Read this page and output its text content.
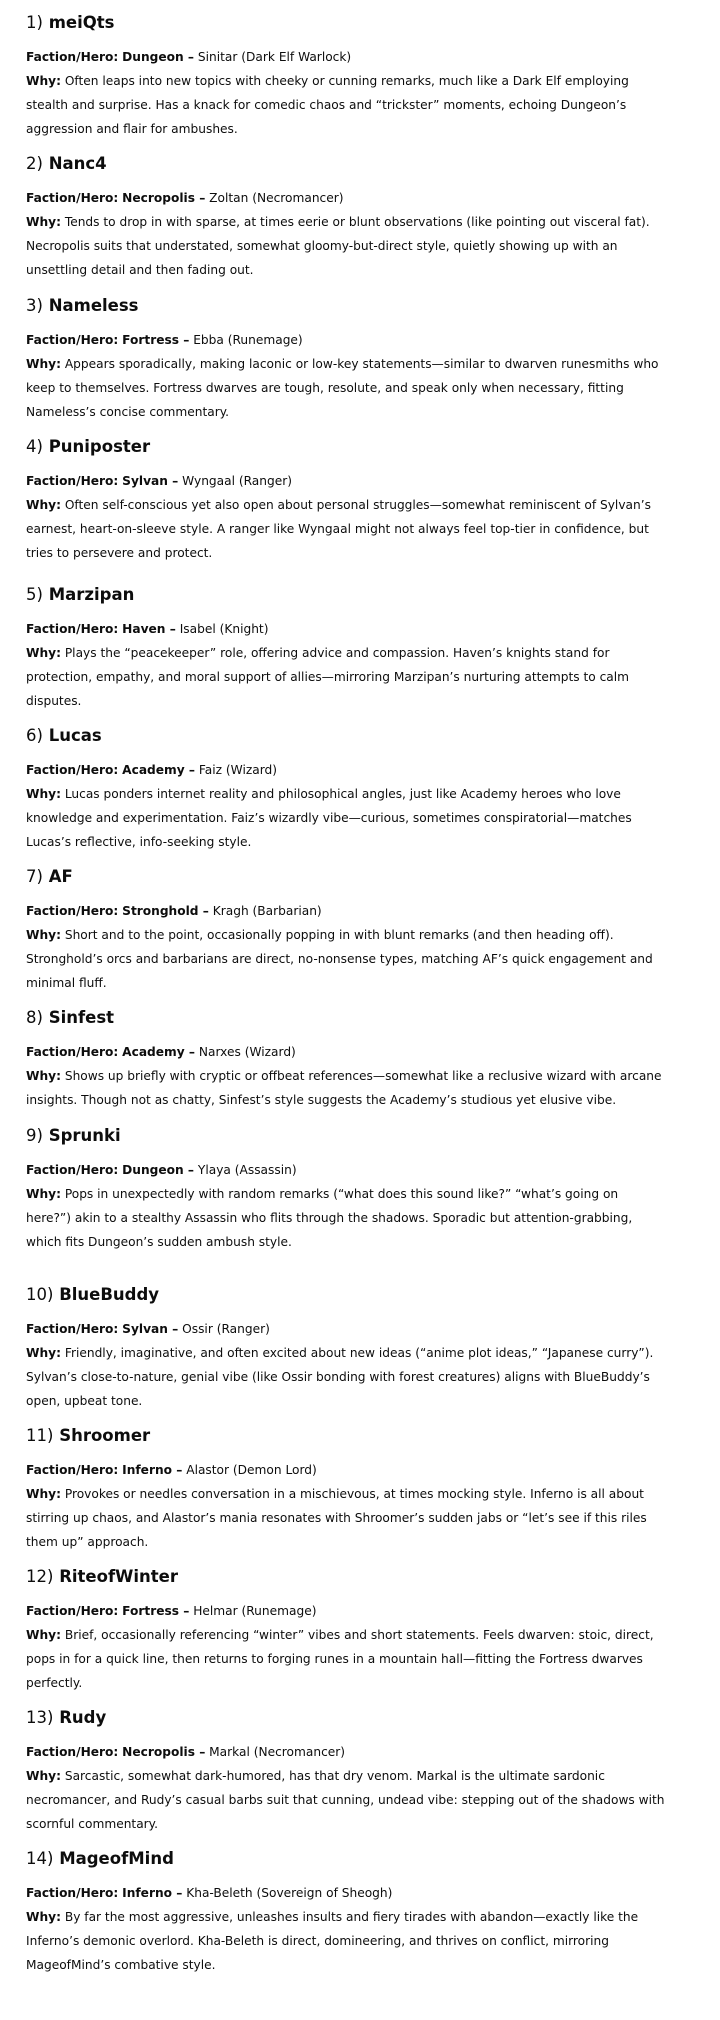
1) meiQts

Faction/Hero: Dungeon – Sinitar (Dark Elf Warlock)

Why: Often leaps into new topics with cheeky or cunning remarks, much like a Dark Elf employing stealth and surprise. Has a knack for comedic chaos and “trickster” moments, echoing Dungeon’s aggression and flair for ambushes.

2) Nanc4

Faction/Hero: Necropolis – Zoltan (Necromancer)

Why: Tends to drop in with sparse, at times eerie or blunt observations (like pointing out visceral fat). Necropolis suits that understated, somewhat gloomy-but-direct style, quietly showing up with an unsettling detail and then fading out.

3) Nameless

Faction/Hero: Fortress – Ebba (Runemage)

Why: Appears sporadically, making laconic or low-key statements—similar to dwarven runesmiths who keep to themselves. Fortress dwarves are tough, resolute, and speak only when necessary, fitting Nameless’s concise commentary.

4) Puniposter

Faction/Hero: Sylvan – Wyngaal (Ranger)

Why: Often self-conscious yet also open about personal struggles—somewhat reminiscent of Sylvan’s earnest, heart-on-sleeve style. A ranger like Wyngaal might not always feel top-tier in confidence, but tries to persevere and protect.

5) Marzipan

Faction/Hero: Haven – Isabel (Knight)

Why: Plays the “peacekeeper” role, offering advice and compassion. Haven’s knights stand for protection, empathy, and moral support of allies—mirroring Marzipan’s nurturing attempts to calm disputes.

6) Lucas

Faction/Hero: Academy – Faiz (Wizard)

Why: Lucas ponders internet reality and philosophical angles, just like Academy heroes who love knowledge and experimentation. Faiz’s wizardly vibe—curious, sometimes conspiratorial—matches Lucas’s reflective, info-seeking style.

7) AF

Faction/Hero: Stronghold – Kragh (Barbarian)

Why: Short and to the point, occasionally popping in with blunt remarks (and then heading off). Stronghold’s orcs and barbarians are direct, no-nonsense types, matching AF’s quick engagement and minimal fluff.

8) Sinfest

Faction/Hero: Academy – Narxes (Wizard)

Why: Shows up briefly with cryptic or offbeat references—somewhat like a reclusive wizard with arcane insights. Though not as chatty, Sinfest’s style suggests the Academy’s studious yet elusive vibe.

9) Sprunki

Faction/Hero: Dungeon – Ylaya (Assassin)

Why: Pops in unexpectedly with random remarks (“what does this sound like?” “what’s going on here?”) akin to a stealthy Assassin who flits through the shadows. Sporadic but attention-grabbing, which fits Dungeon’s sudden ambush style.

10) BlueBuddy

Faction/Hero: Sylvan – Ossir (Ranger)

Why: Friendly, imaginative, and often excited about new ideas (“anime plot ideas,” “Japanese curry”). Sylvan’s close-to-nature, genial vibe (like Ossir bonding with forest creatures) aligns with BlueBuddy’s open, upbeat tone.

11) Shroomer

Faction/Hero: Inferno – Alastor (Demon Lord)

Why: Provokes or needles conversation in a mischievous, at times mocking style. Inferno is all about stirring up chaos, and Alastor’s mania resonates with Shroomer’s sudden jabs or “let’s see if this riles them up” approach.

12) RiteofWinter

Faction/Hero: Fortress – Helmar (Runemage)

Why: Brief, occasionally referencing “winter” vibes and short statements. Feels dwarven: stoic, direct, pops in for a quick line, then returns to forging runes in a mountain hall—fitting the Fortress dwarves perfectly.

13) Rudy

Faction/Hero: Necropolis – Markal (Necromancer)

Why: Sarcastic, somewhat dark-humored, has that dry venom. Markal is the ultimate sardonic necromancer, and Rudy’s casual barbs suit that cunning, undead vibe: stepping out of the shadows with scornful commentary.

14) MageofMind

Faction/Hero: Inferno – Kha-Beleth (Sovereign of Sheogh)

Why: By far the most aggressive, unleashes insults and fiery tirades with abandon—exactly like the Inferno’s demonic overlord. Kha-Beleth is direct, domineering, and thrives on conflict, mirroring MageofMind’s combative style.
